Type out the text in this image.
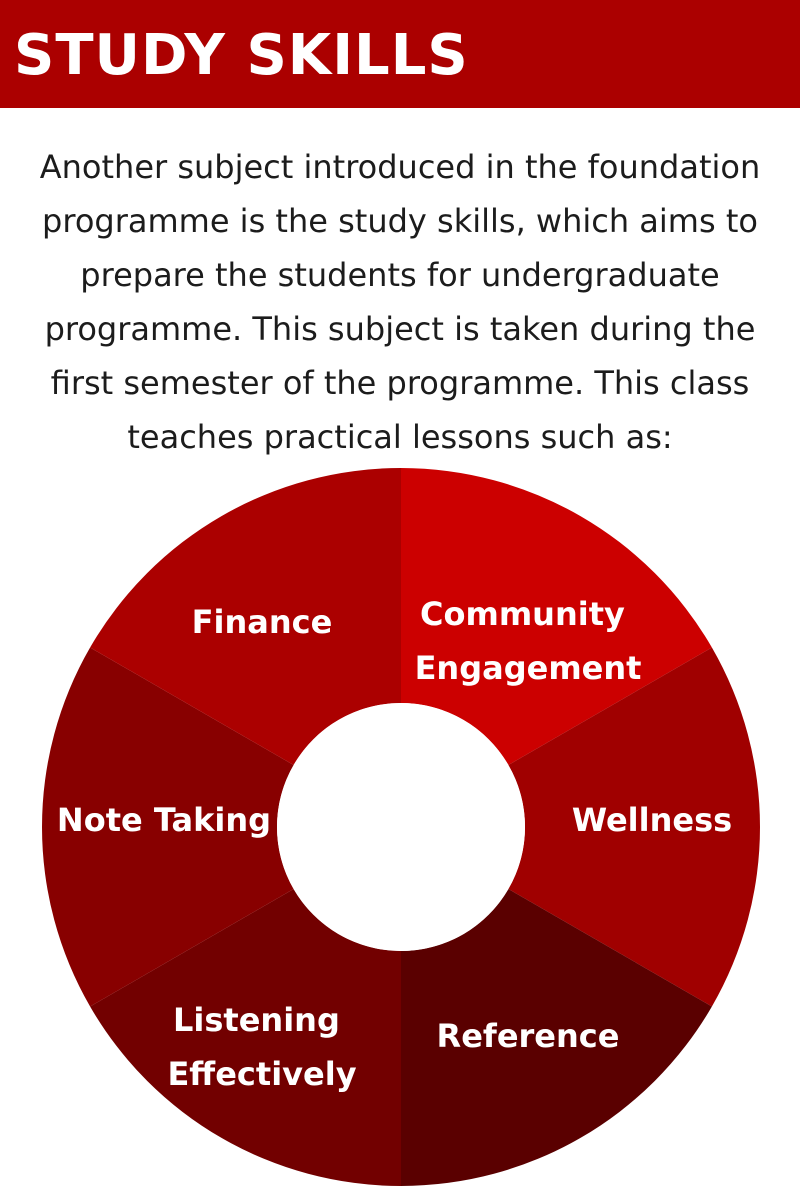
STUDY SKILLS

Another subject introduced in the foundation
programme is the study skills, which aims to
prepare the students for undergraduate
programme. This subject is taken during the
first semester of the programme. This class
teaches practical lessons such as:

Community Engagement
Wellness
Reference
Listening Effectively
Note Taking
Finance
